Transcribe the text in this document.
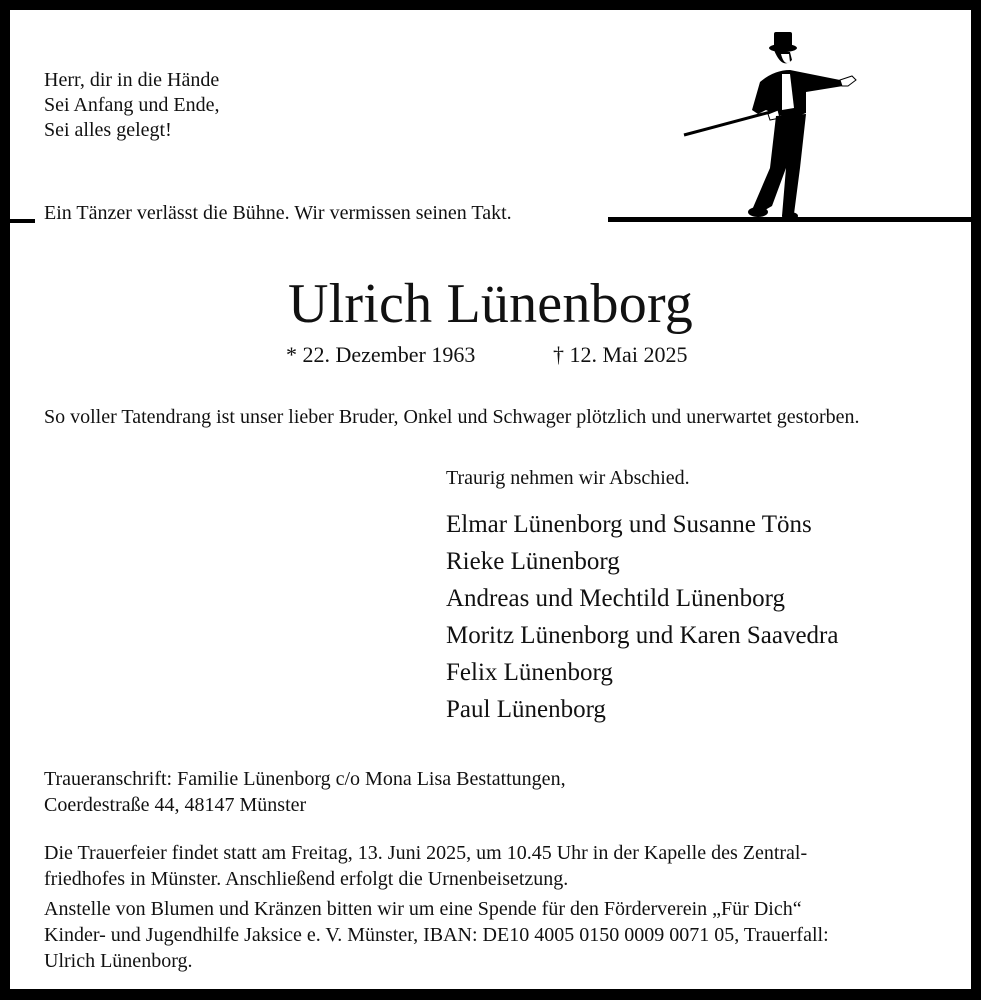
Herr, dir in die Hände
Sei Anfang und Ende,
Sei alles gelegt!
Ein Tänzer verlässt die Bühne. Wir vermissen seinen Takt.
Ulrich Lünenborg
* 22. Dezember 1963	† 12. Mai 2025
So voller Tatendrang ist unser lieber Bruder, Onkel und Schwager plötzlich und unerwartet gestorben.
Traurig nehmen wir Abschied.
Elmar Lünenborg und Susanne Töns
Rieke Lünenborg
Andreas und Mechtild Lünenborg
Moritz Lünenborg und Karen Saavedra
Felix Lünenborg
Paul Lünenborg
Traueranschrift: Familie Lünenborg c/o Mona Lisa Bestattungen,
Coerdestraße 44, 48147 Münster
Die Trauerfeier findet statt am Freitag, 13. Juni 2025, um 10.45 Uhr in der Kapelle des Zentral-
friedhofes in Münster. Anschließend erfolgt die Urnenbeisetzung.
Anstelle von Blumen und Kränzen bitten wir um eine Spende für den Förderverein „Für Dich“
Kinder- und Jugendhilfe Jaksice e. V. Münster, IBAN: DE10 4005 0150 0009 0071 05, Trauerfall:
Ulrich Lünenborg.
